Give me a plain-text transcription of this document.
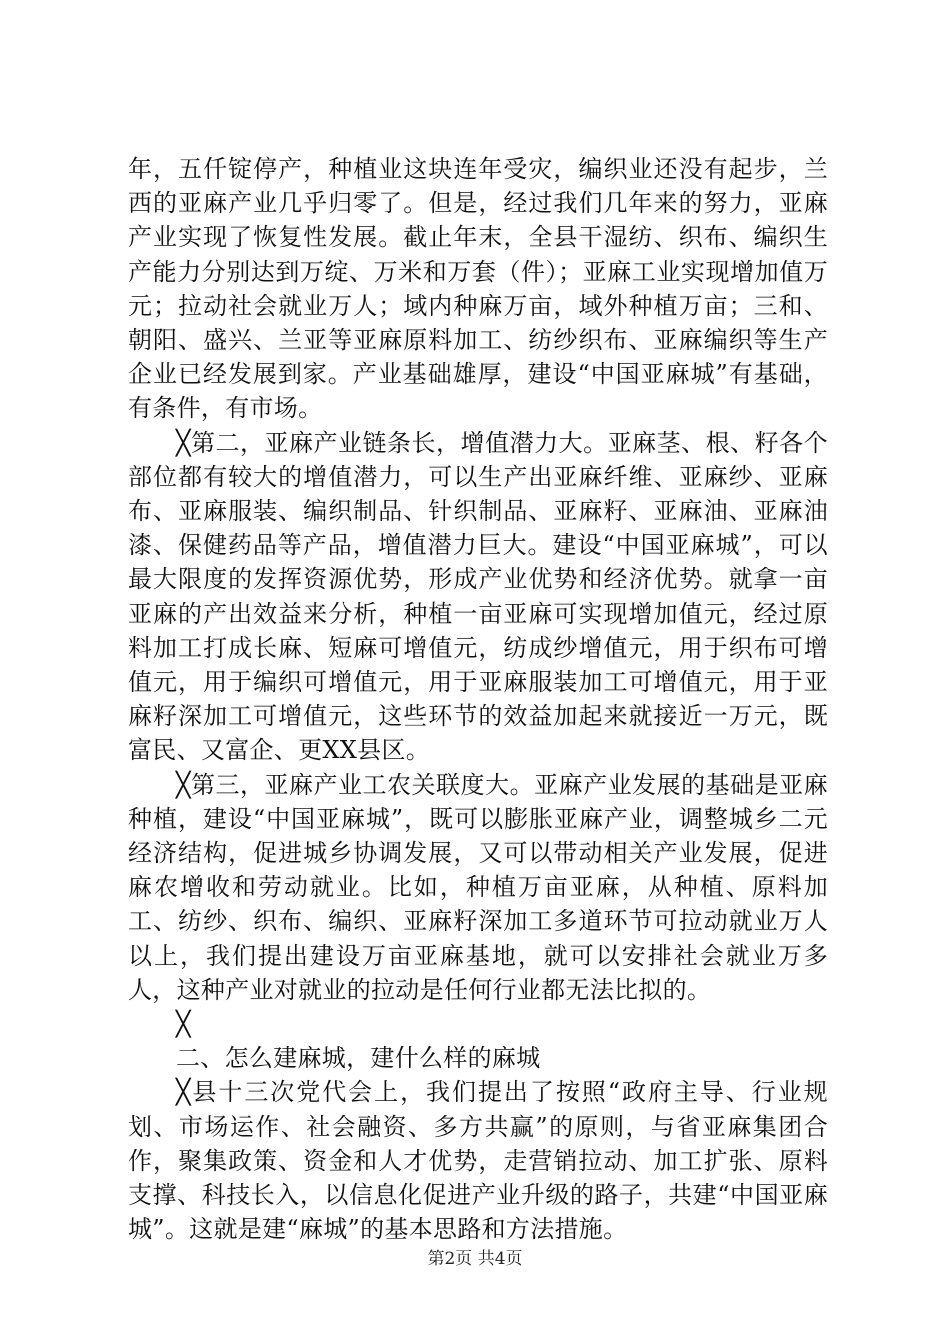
年，五仟锭停产，种植业这块连年受灾，编织业还没有起步，兰西的亚麻产业几乎归零了。但是，经过我们几年来的努力，亚麻产业实现了恢复性发展。截止年末，全县干湿纺、织布、编织生产能力分别达到万绽、万米和万套（件）；亚麻工业实现增加值万元；拉动社会就业万人；域内种麻万亩，域外种植万亩；三和、朝阳、盛兴、兰亚等亚麻原料加工、纺纱织布、亚麻编织等生产企业已经发展到家。产业基础雄厚，建设“中国亚麻城”有基础，有条件，有市场。

╳第二，亚麻产业链条长，增值潜力大。亚麻茎、根、籽各个部位都有较大的增值潜力，可以生产出亚麻纤维、亚麻纱、亚麻布、亚麻服装、编织制品、针织制品、亚麻籽、亚麻油、亚麻油漆、保健药品等产品，增值潜力巨大。建设“中国亚麻城”，可以最大限度的发挥资源优势，形成产业优势和经济优势。就拿一亩亚麻的产出效益来分析，种植一亩亚麻可实现增加值元，经过原料加工打成长麻、短麻可增值元，纺成纱增值元，用于织布可增值元，用于编织可增值元，用于亚麻服装加工可增值元，用于亚麻籽深加工可增值元，这些环节的效益加起来就接近一万元，既富民、又富企、更XX县区。

╳第三，亚麻产业工农关联度大。亚麻产业发展的基础是亚麻种植，建设“中国亚麻城”，既可以膨胀亚麻产业，调整城乡二元经济结构，促进城乡协调发展，又可以带动相关产业发展，促进麻农增收和劳动就业。比如，种植万亩亚麻，从种植、原料加工、纺纱、织布、编织、亚麻籽深加工多道环节可拉动就业万人以上，我们提出建设万亩亚麻基地，就可以安排社会就业万多人，这种产业对就业的拉动是任何行业都无法比拟的。

╳

二、怎么建麻城，建什么样的麻城

╳县十三次党代会上，我们提出了按照“政府主导、行业规划、市场运作、社会融资、多方共赢”的原则，与省亚麻集团合作，聚集政策、资金和人才优势，走营销拉动、加工扩张、原料支撑、科技长入，以信息化促进产业升级的路子，共建“中国亚麻城”。这就是建“麻城”的基本思路和方法措施。

第2页 共4页
